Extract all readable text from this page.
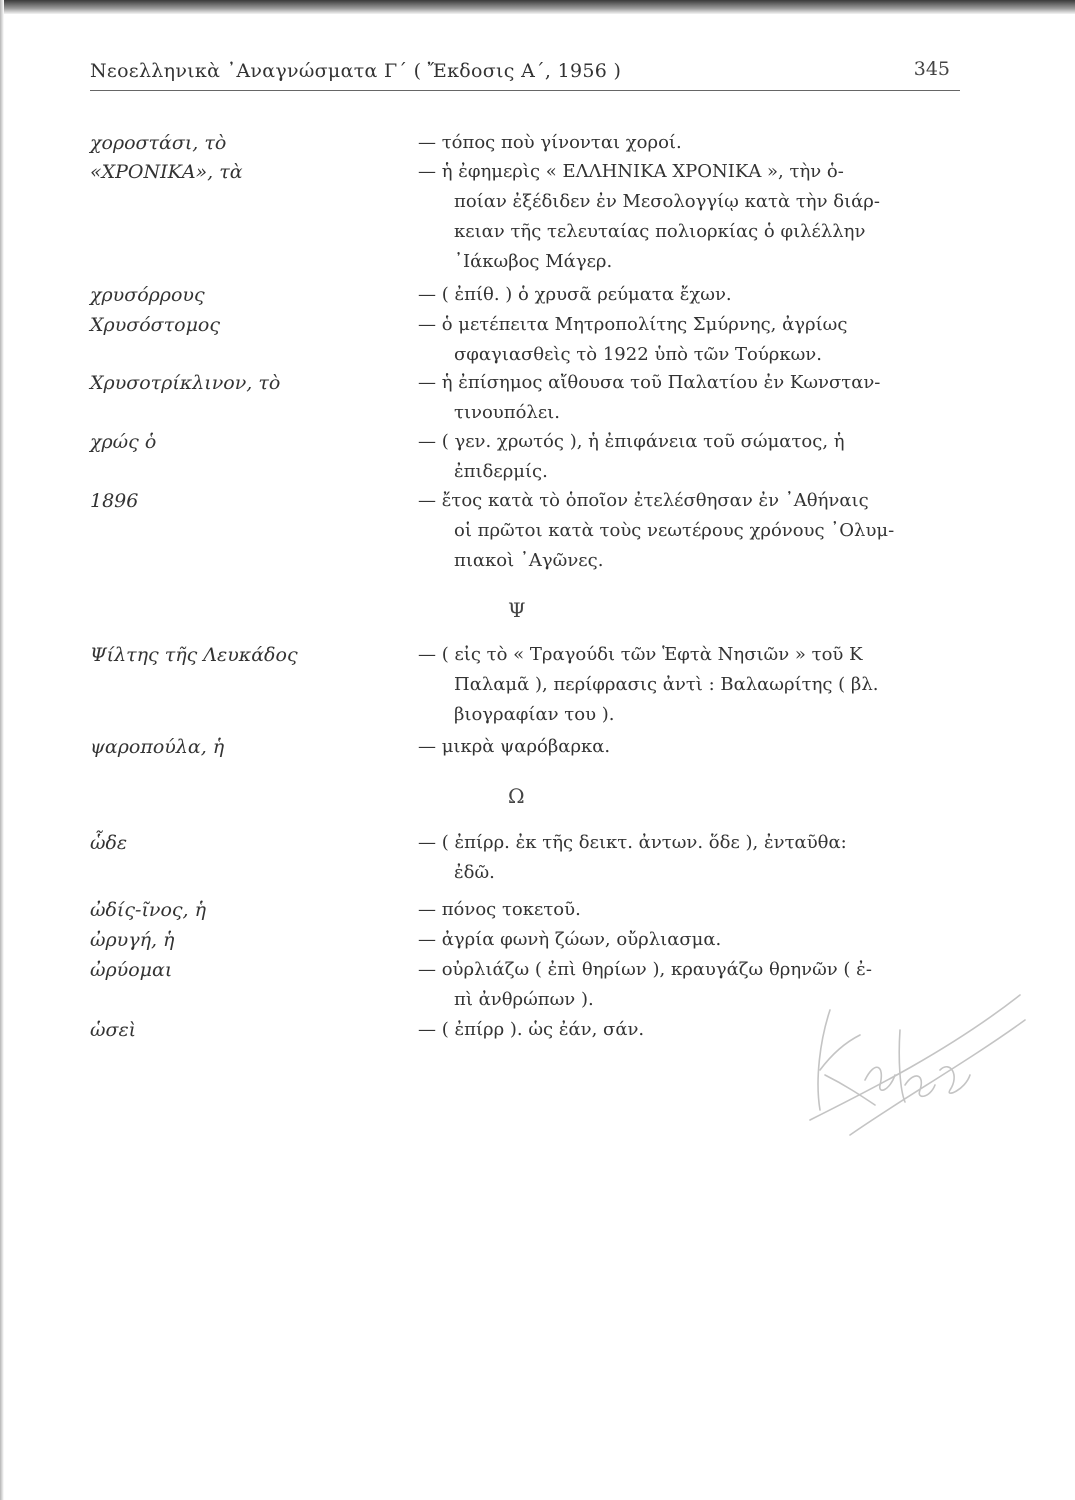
Νεοελληνικὰ ᾿Αναγνώσματα Γ΄ ( Ἔκδοσις Α΄, 1956 )	345
χοροστάσι, τὸ	— τόπος ποὺ γίνονται χοροί.
«ΧΡΟΝΙΚΑ», τὰ	— ἡ ἐφημερὶς « ΕΛΛΗΝΙΚΑ ΧΡΟΝΙΚΑ », τὴν ὁ-
ποίαν ἐξέδιδεν ἐν Μεσολογγίῳ κατὰ τὴν διάρ-
κειαν τῆς τελευταίας πολιορκίας ὁ φιλέλλην
᾿Ιάκωβος Μάγερ.
χρυσόρρους	— ( ἐπίθ. ) ὁ χρυσᾶ ρεύματα ἔχων.
Χρυσόστομος	— ὁ μετέπειτα Μητροπολίτης Σμύρνης, ἀγρίως
σφαγιασθεὶς τὸ 1922 ὑπὸ τῶν Τούρκων.
Χρυσοτρίκλινον, τὸ	— ἡ ἐπίσημος αἴθουσα τοῦ Παλατίου ἐν Κωνσταν-
τινουπόλει.
χρώς ὁ	— ( γεν. χρωτός ), ἡ ἐπιφάνεια τοῦ σώματος, ἡ
ἐπιδερμίς.
1896	— ἔτος κατὰ τὸ ὁποῖον ἐτελέσθησαν ἐν ᾿Αθήναις
οἱ πρῶτοι κατὰ τοὺς νεωτέρους χρόνους ᾿Ολυμ-
πιακοὶ ᾿Αγῶνες.
Ψ
Ψίλτης τῆς Λευκάδος	— ( εἰς τὸ « Τραγούδι τῶν Ἑφτὰ Νησιῶν » τοῦ Κ
Παλαμᾶ ), περίφρασις ἀντὶ : Βαλαωρίτης ( βλ.
βιογραφίαν του ).
ψαροπούλα, ἡ	— μικρὰ ψαρόβαρκα.
Ω
ὧδε	— ( ἐπίρρ. ἐκ τῆς δεικτ. ἀντων. ὅδε ), ἐνταῦθα:
ἐδῶ.
ὠδίς-ῖνος, ἡ	— πόνος τοκετοῦ.
ὠρυγή, ἡ	— ἀγρία φωνὴ ζώων, οὔρλιασμα.
ὠρύομαι	— οὐρλιάζω ( ἐπὶ θηρίων ), κραυγάζω θρηνῶν ( ἐ-
πὶ ἀνθρώπων ).
ὡσεὶ	— ( ἐπίρρ ). ὡς ἐάν, σάν.
